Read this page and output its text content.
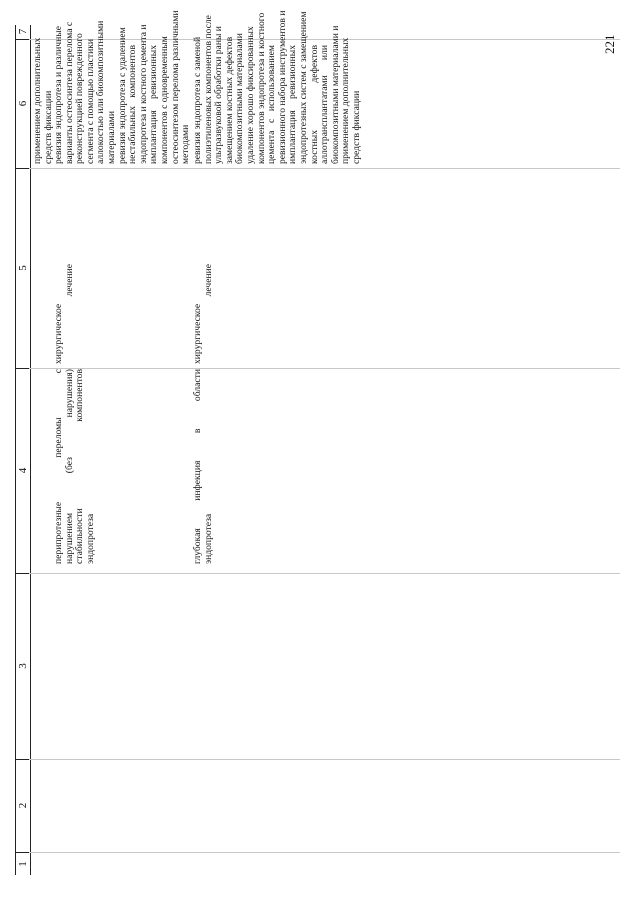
221
1
2
3
4
5
6
7
применением дополнительных средств фиксации
перипротезные переломы с нарушением (без нарушения) стабильности компонентов эндопротеза
хирургическое
лечение
ревизия эндопротеза и различные варианты остеосинтеза перелома с реконструкцией поврежденного сегмента с помощью пластики аллокостью или биокомпозитными материалами ревизия эндопротеза с удалением нестабильных компонентов эндопротеза и костного цемента и имплантация ревизионных компонентов с одновременным остеосинтезом перелома различными методами
глубокая инфекция в области эндопротеза
хирургическое
лечение
ревизия эндопротеза с заменой полиэтиленовых компонентов после ультразвуковой обработки раны и замещением костных дефектов биокомпозитными материалами удаление хорошо фиксированных компонентов эндопротеза и костного цемента с использованием ревизионного набора инструментов и имплантация ревизионных эндопротезных систем с замещением костных дефектов аллотрансплантатами или биокомпозитными материалами и применением дополнительных средств фиксации
